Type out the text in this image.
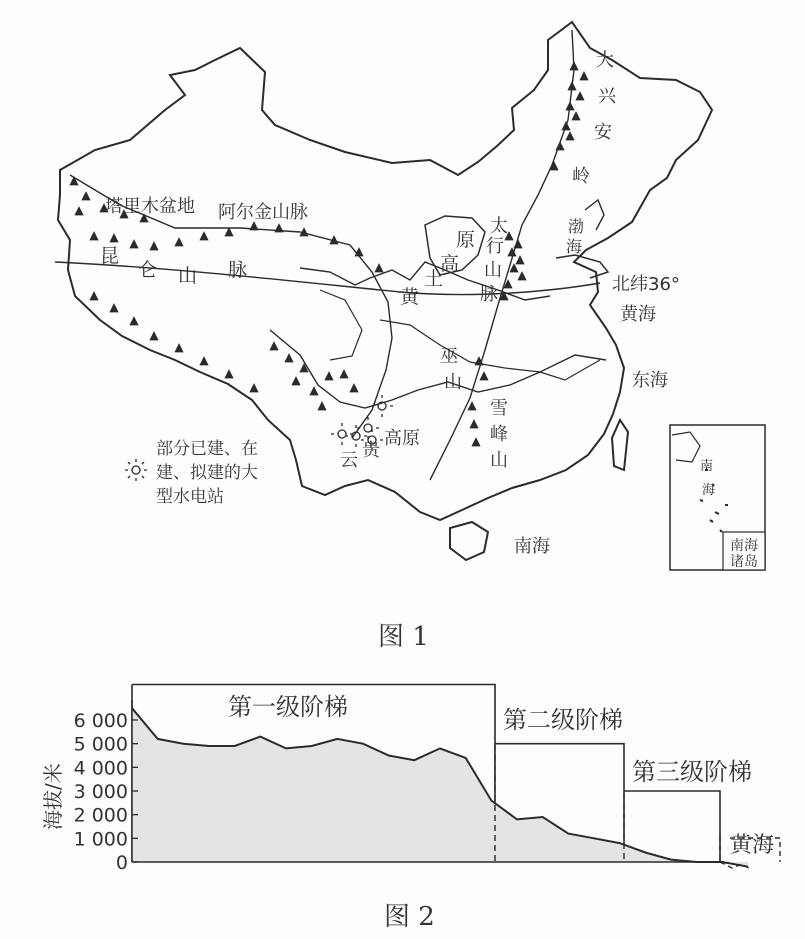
塔里木盆地 阿尔金山脉
昆
仑 山 脉
原
高
土
黄
太
行
山
脉
大
兴
安
岭
渤
海
北纬36°
黄海
巫
山	东海
雪
峰
山
云 贵
高原
部分已建、在
建、拟建的大
型水电站
南海
南
海
南海
诸岛
6 000
5 000
4 000
3 000
2 000
1 000
0
海拔/米
第一级阶梯	第二级阶梯
第三级阶梯
黄海
图 1
图 2
